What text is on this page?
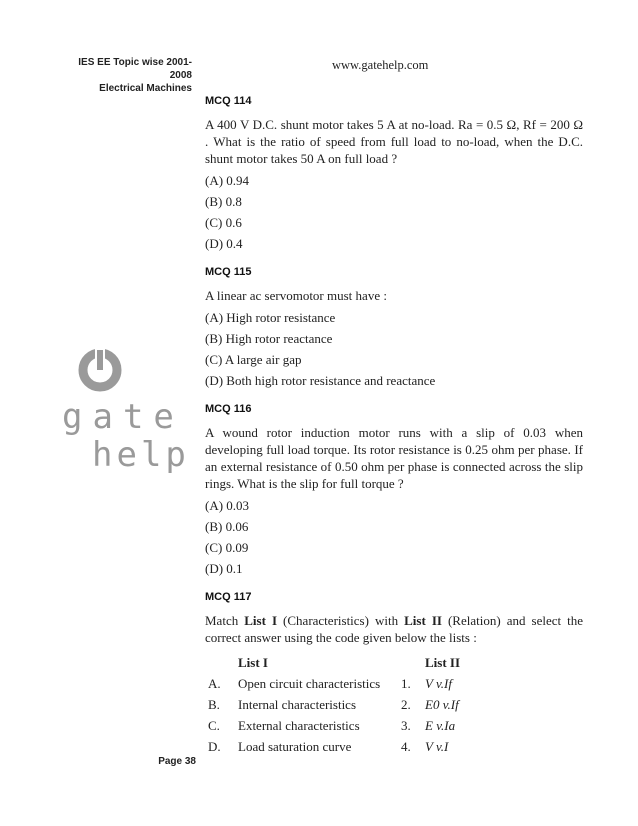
IES EE Topic wise 2001-2008
Electrical Machines
www.gatehelp.com
gate
help
MCQ 114
A 400 V D.C. shunt motor takes 5 A at no-load. Ra = 0.5 Ω, Rf = 200 Ω . What is the ratio of speed from full load to no-load, when the D.C. shunt motor takes 50 A on full load ?
(A) 0.94
(B) 0.8
(C) 0.6
(D) 0.4
MCQ 115
A linear ac servomotor must have :
(A) High rotor resistance
(B) High rotor reactance
(C) A large air gap
(D) Both high rotor resistance and reactance
MCQ 116
A wound rotor induction motor runs with a slip of 0.03 when developing full load torque. Its rotor resistance is 0.25 ohm per phase. If an external resistance of 0.50 ohm per phase is connected across the slip rings. What is the slip for full torque ?
(A) 0.03
(B) 0.06
(C) 0.09
(D) 0.1
MCQ 117
Match List I (Characteristics) with List II (Relation) and select the correct answer using the code given below the lists :
	List I		List II
A.	Open circuit characteristics	1.	V v.If
B.	Internal characteristics	2.	E0 v.If
C.	External characteristics	3.	E v.Ia
D.	Load saturation curve	4.	V v.I
Page 38
